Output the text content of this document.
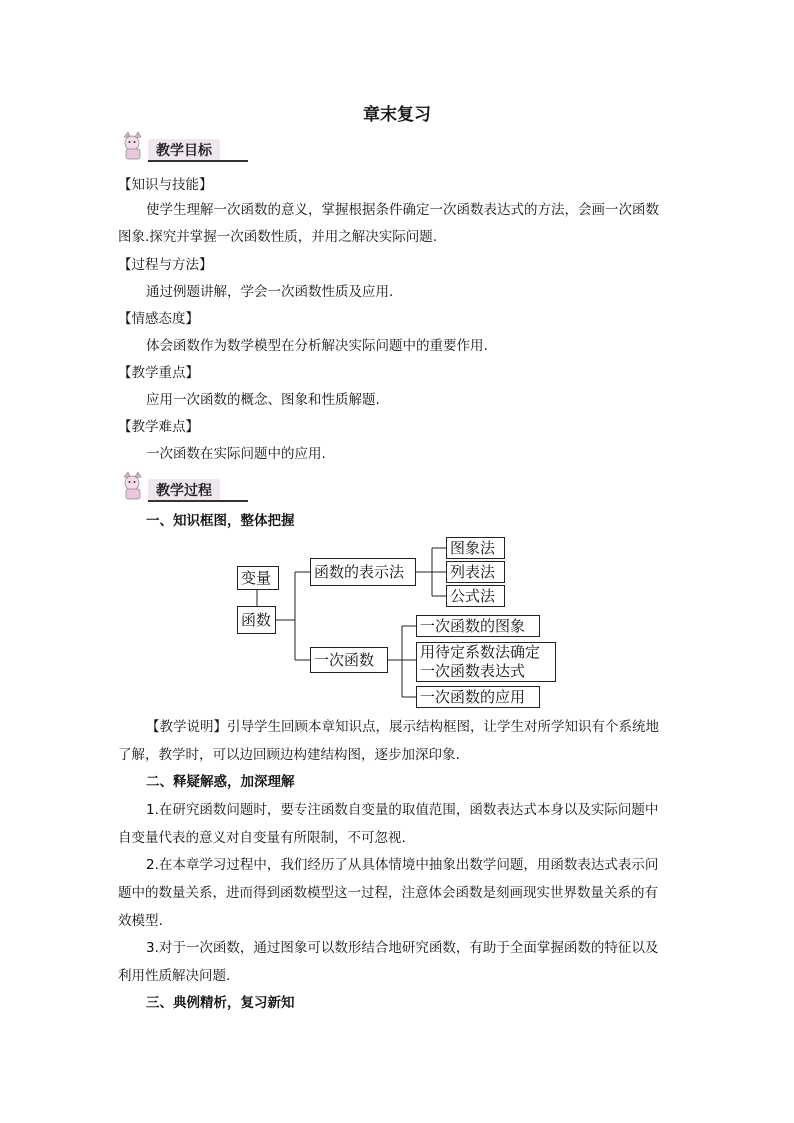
章末复习
教学目标
【知识与技能】
使学生理解一次函数的意义，掌握根据条件确定一次函数表达式的方法，会画一次函数
图象.探究并掌握一次函数性质，并用之解决实际问题.
【过程与方法】
通过例题讲解，学会一次函数性质及应用.
【情感态度】
体会函数作为数学模型在分析解决实际问题中的重要作用.
【教学重点】
应用一次函数的概念、图象和性质解题.
【教学难点】
一次函数在实际问题中的应用.
教学过程
一、知识框图，整体把握
变量
函数
函数的表示法
图象法
列表法
公式法
一次函数
一次函数的图象
用待定系数法确定
一次函数表达式
一次函数的应用
【教学说明】引导学生回顾本章知识点，展示结构框图，让学生对所学知识有个系统地
了解，教学时，可以边回顾边构建结构图，逐步加深印象.
二、释疑解惑，加深理解
1.在研究函数问题时，要专注函数自变量的取值范围，函数表达式本身以及实际问题中
自变量代表的意义对自变量有所限制，不可忽视.
2.在本章学习过程中，我们经历了从具体情境中抽象出数学问题，用函数表达式表示问
题中的数量关系，进而得到函数模型这一过程，注意体会函数是刻画现实世界数量关系的有
效模型.
3.对于一次函数，通过图象可以数形结合地研究函数，有助于全面掌握函数的特征以及
利用性质解决问题.
三、典例精析，复习新知
